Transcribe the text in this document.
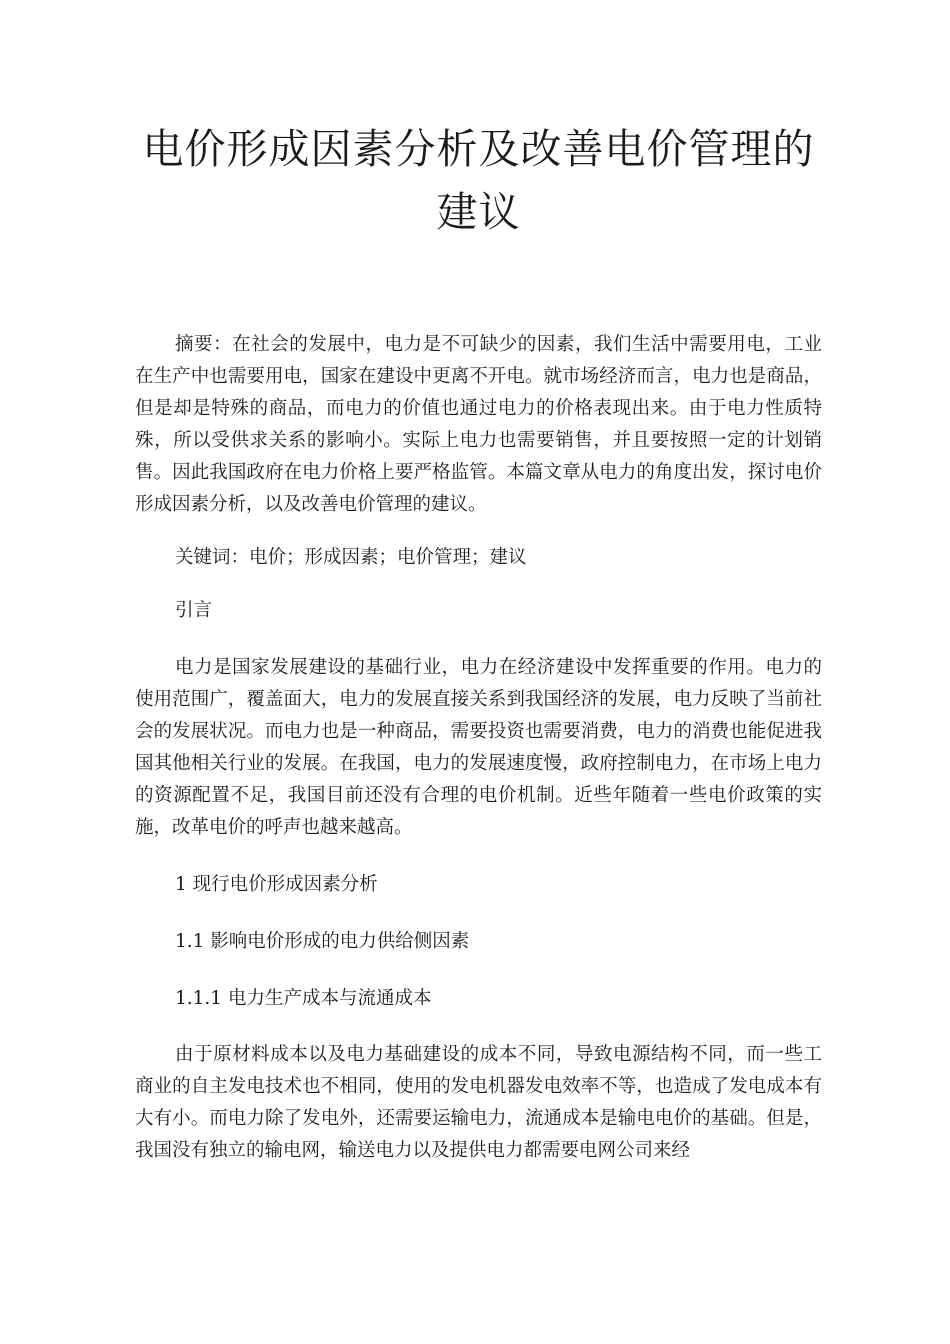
电价形成因素分析及改善电价管理的建议

摘要：在社会的发展中，电力是不可缺少的因素，我们生活中需要用电，工业在生产中也需要用电，国家在建设中更离不开电。就市场经济而言，电力也是商品，但是却是特殊的商品，而电力的价值也通过电力的价格表现出来。由于电力性质特殊，所以受供求关系的影响小。实际上电力也需要销售，并且要按照一定的计划销售。因此我国政府在电力价格上要严格监管。本篇文章从电力的角度出发，探讨电价形成因素分析，以及改善电价管理的建议。

关键词：电价；形成因素；电价管理；建议

引言

电力是国家发展建设的基础行业，电力在经济建设中发挥重要的作用。电力的使用范围广，覆盖面大，电力的发展直接关系到我国经济的发展，电力反映了当前社会的发展状况。而电力也是一种商品，需要投资也需要消费，电力的消费也能促进我国其他相关行业的发展。在我国，电力的发展速度慢，政府控制电力，在市场上电力的资源配置不足，我国目前还没有合理的电价机制。近些年随着一些电价政策的实施，改革电价的呼声也越来越高。

1 现行电价形成因素分析

1.1 影响电价形成的电力供给侧因素

1.1.1 电力生产成本与流通成本

由于原材料成本以及电力基础建设的成本不同，导致电源结构不同，而一些工商业的自主发电技术也不相同，使用的发电机器发电效率不等，也造成了发电成本有大有小。而电力除了发电外，还需要运输电力，流通成本是输电电价的基础。但是，我国没有独立的输电网，输送电力以及提供电力都需要电网公司来经
